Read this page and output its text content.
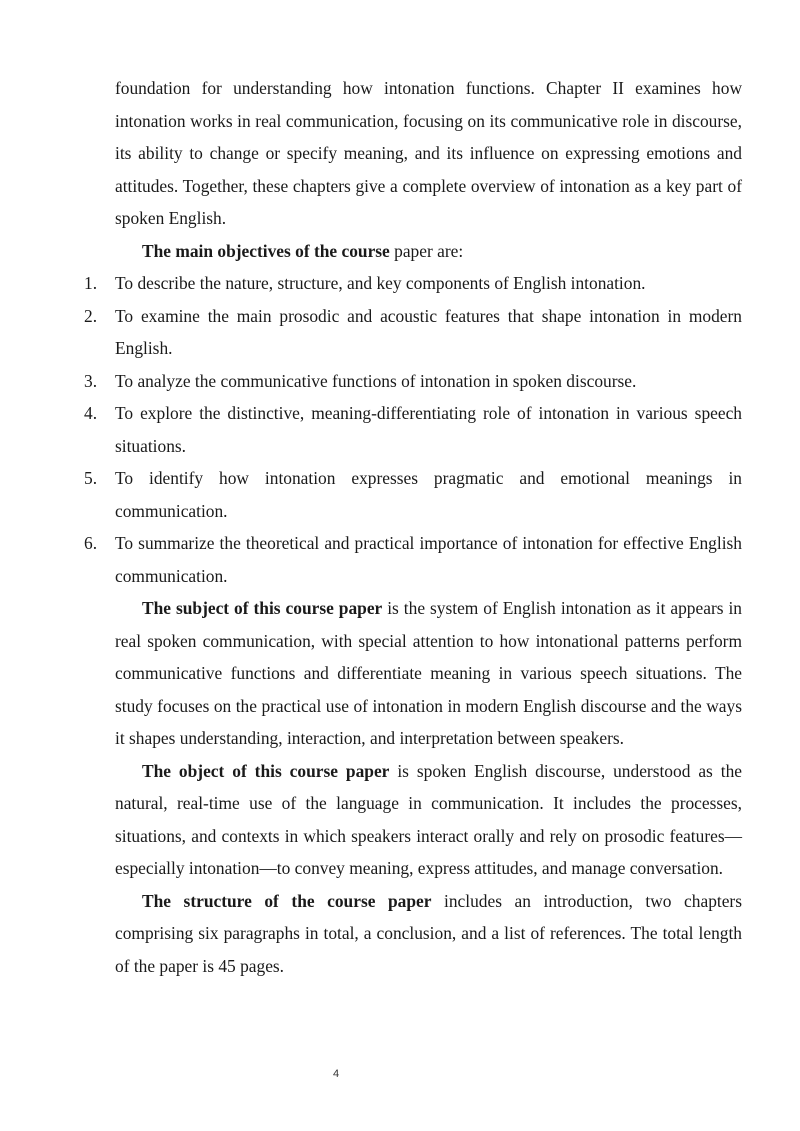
foundation for understanding how intonation functions. Chapter II examines how intonation works in real communication, focusing on its communicative role in discourse, its ability to change or specify meaning, and its influence on expressing emotions and attitudes. Together, these chapters give a complete overview of intonation as a key part of spoken English.

The main objectives of the course paper are:

1. To describe the nature, structure, and key components of English intonation.
2. To examine the main prosodic and acoustic features that shape intonation in modern English.
3. To analyze the communicative functions of intonation in spoken discourse.
4. To explore the distinctive, meaning-differentiating role of intonation in various speech situations.
5. To identify how intonation expresses pragmatic and emotional meanings in communication.
6. To summarize the theoretical and practical importance of intonation for effective English communication.

The subject of this course paper is the system of English intonation as it appears in real spoken communication, with special attention to how intonational patterns perform communicative functions and differentiate meaning in various speech situations. The study focuses on the practical use of intonation in modern English discourse and the ways it shapes understanding, interaction, and interpretation between speakers.

The object of this course paper is spoken English discourse, understood as the natural, real-time use of the language in communication. It includes the processes, situations, and contexts in which speakers interact orally and rely on prosodic features—especially intonation—to convey meaning, express attitudes, and manage conversation.

The structure of the course paper includes an introduction, two chapters comprising six paragraphs in total, a conclusion, and a list of references. The total length of the paper is 45 pages.

4
